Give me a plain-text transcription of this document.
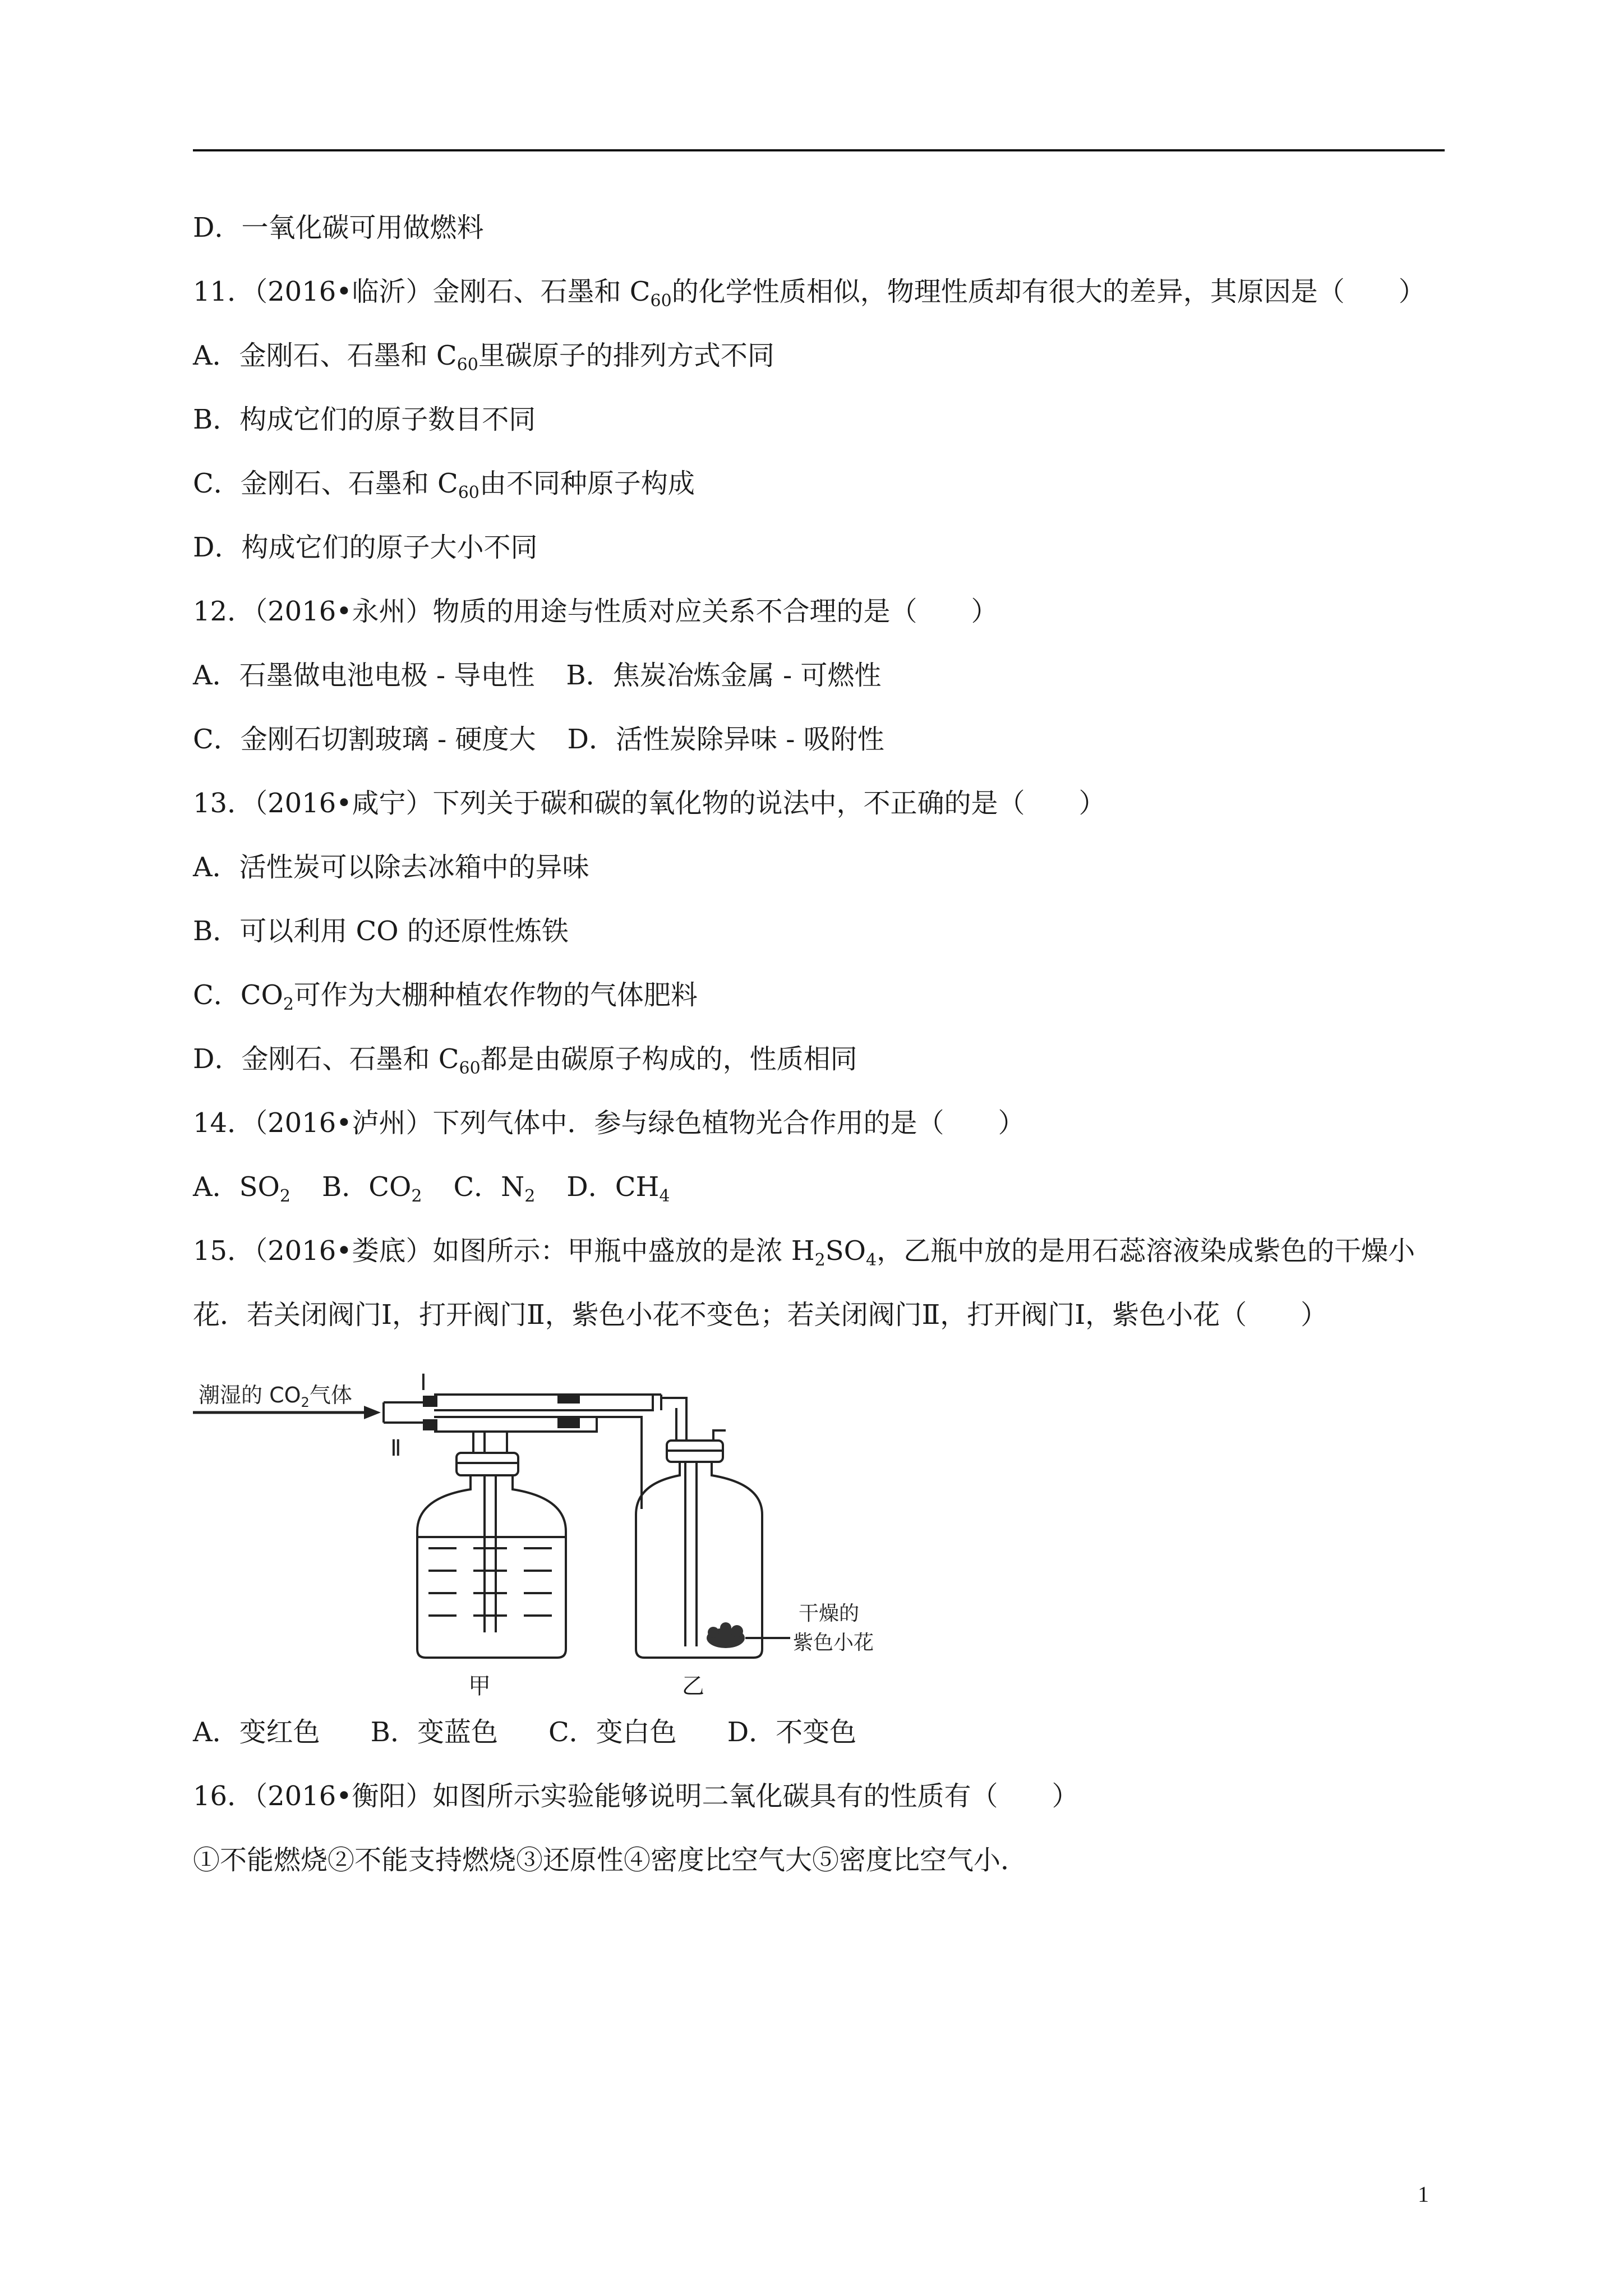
D．一氧化碳可用做燃料
11．（2016•临沂）金刚石、石墨和 $C_{60}$的化学性质相似，物理性质却有很大的差异，其原因是（　　）
A．金刚石、石墨和 $C_{60}$里碳原子的排列方式不同
B．构成它们的原子数目不同
C．金刚石、石墨和 $C_{60}$由不同种原子构成
D．构成它们的原子大小不同
12．（2016•永州）物质的用途与性质对应关系不合理的是（　　）
A．石墨做电池电极 - 导电性 B．焦炭冶炼金属 - 可燃性
C．金刚石切割玻璃 - 硬度大 D．活性炭除异味 - 吸附性
13．（2016•咸宁）下列关于碳和碳的氧化物的说法中，不正确的是（　　）
A．活性炭可以除去冰箱中的异味
B．可以利用 CO 的还原性炼铁
C．$CO_2$可作为大棚种植农作物的气体肥料
D．金刚石、石墨和 $C_{60}$都是由碳原子构成的，性质相同
14．（2016•泸州）下列气体中．参与绿色植物光合作用的是（　　）
A．$SO_2$ B．$CO_2$ C．$N_2$ D．$CH_4$
15．（2016•娄底）如图所示：甲瓶中盛放的是浓 $H_2SO_4$，乙瓶中放的是用石蕊溶液染成紫色的干燥小
花．若关闭阀门Ⅰ，打开阀门Ⅱ，紫色小花不变色；若关闭阀门Ⅱ，打开阀门Ⅰ，紫色小花（　　）
Ⅰ
Ⅱ
潮湿的 $CO_2$气体
干燥的
紫色小花
甲	乙
A．变红色 B．变蓝色 C．变白色 D．不变色
16．（2016•衡阳）如图所示实验能够说明二氧化碳具有的性质有（　　）
①不能燃烧②不能支持燃烧③还原性④密度比空气大⑤密度比空气小．
1
